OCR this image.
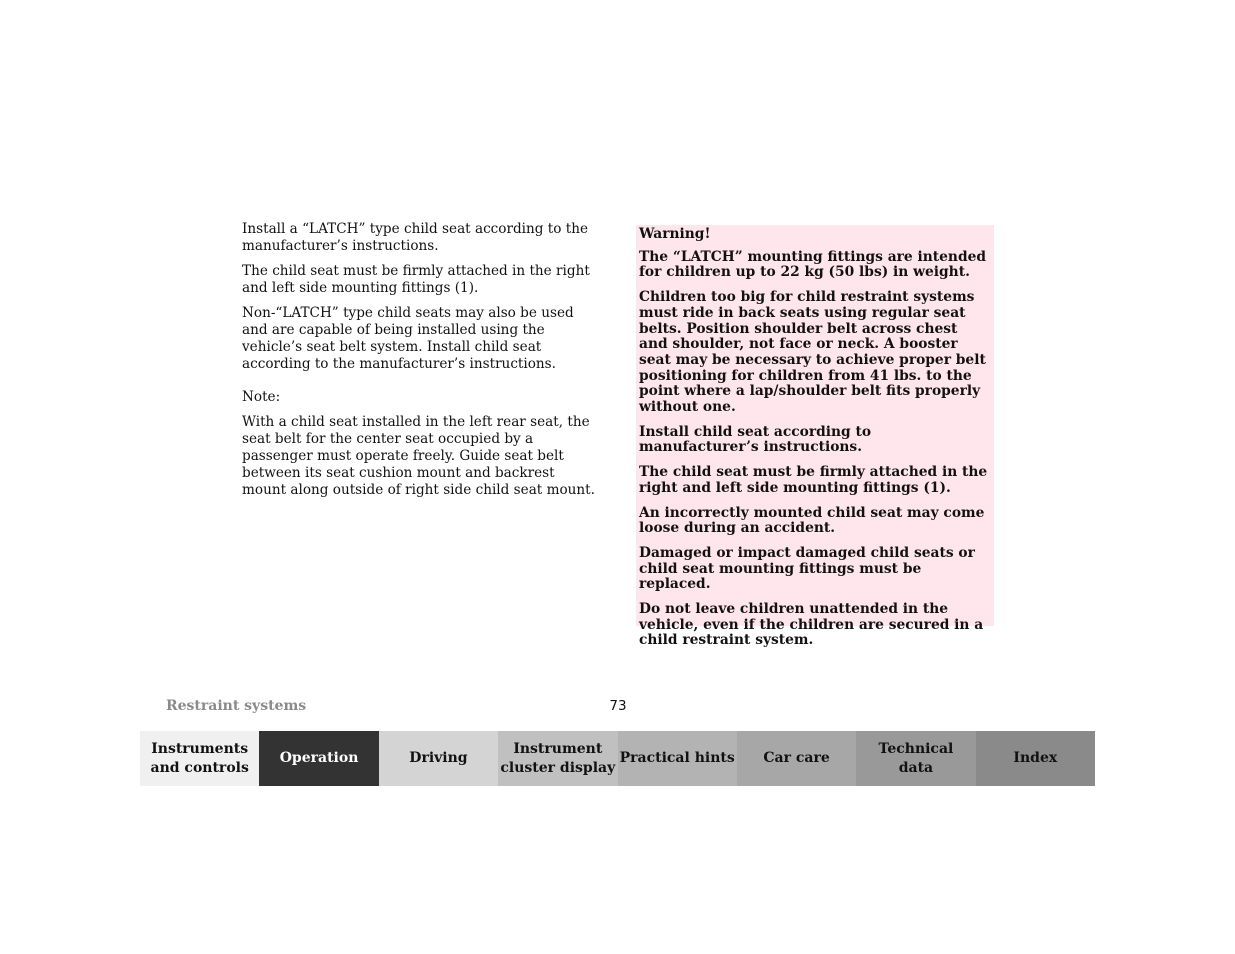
Install a “LATCH” type child seat according to the manufacturer’s instructions.

The child seat must be firmly attached in the right and left side mounting fittings (1).

Non-“LATCH” type child seats may also be used and are capable of being installed using the vehicle’s seat belt system. Install child seat according to the manufacturer’s instructions.

Note:

With a child seat installed in the left rear seat, the seat belt for the center seat occupied by a passenger must operate freely. Guide seat belt between its seat cushion mount and backrest mount along outside of right side child seat mount.

Warning!

The “LATCH” mounting fittings are intended for children up to 22 kg (50 lbs) in weight.

Children too big for child restraint systems must ride in back seats using regular seat belts. Position shoulder belt across chest and shoulder, not face or neck. A booster seat may be necessary to achieve proper belt positioning for children from 41 lbs. to the point where a lap/shoulder belt fits properly without one.

Install child seat according to manufacturer’s instructions.

The child seat must be firmly attached in the right and left side mounting fittings (1).

An incorrectly mounted child seat may come loose during an accident.

Damaged or impact damaged child seats or child seat mounting fittings must be replaced.

Do not leave children unattended in the vehicle, even if the children are secured in a child restraint system.

Restraint systems	73
Instruments
and controls
Operation	Driving
Instrument
cluster display
Practical hints	Car care
Technical
data
Index
